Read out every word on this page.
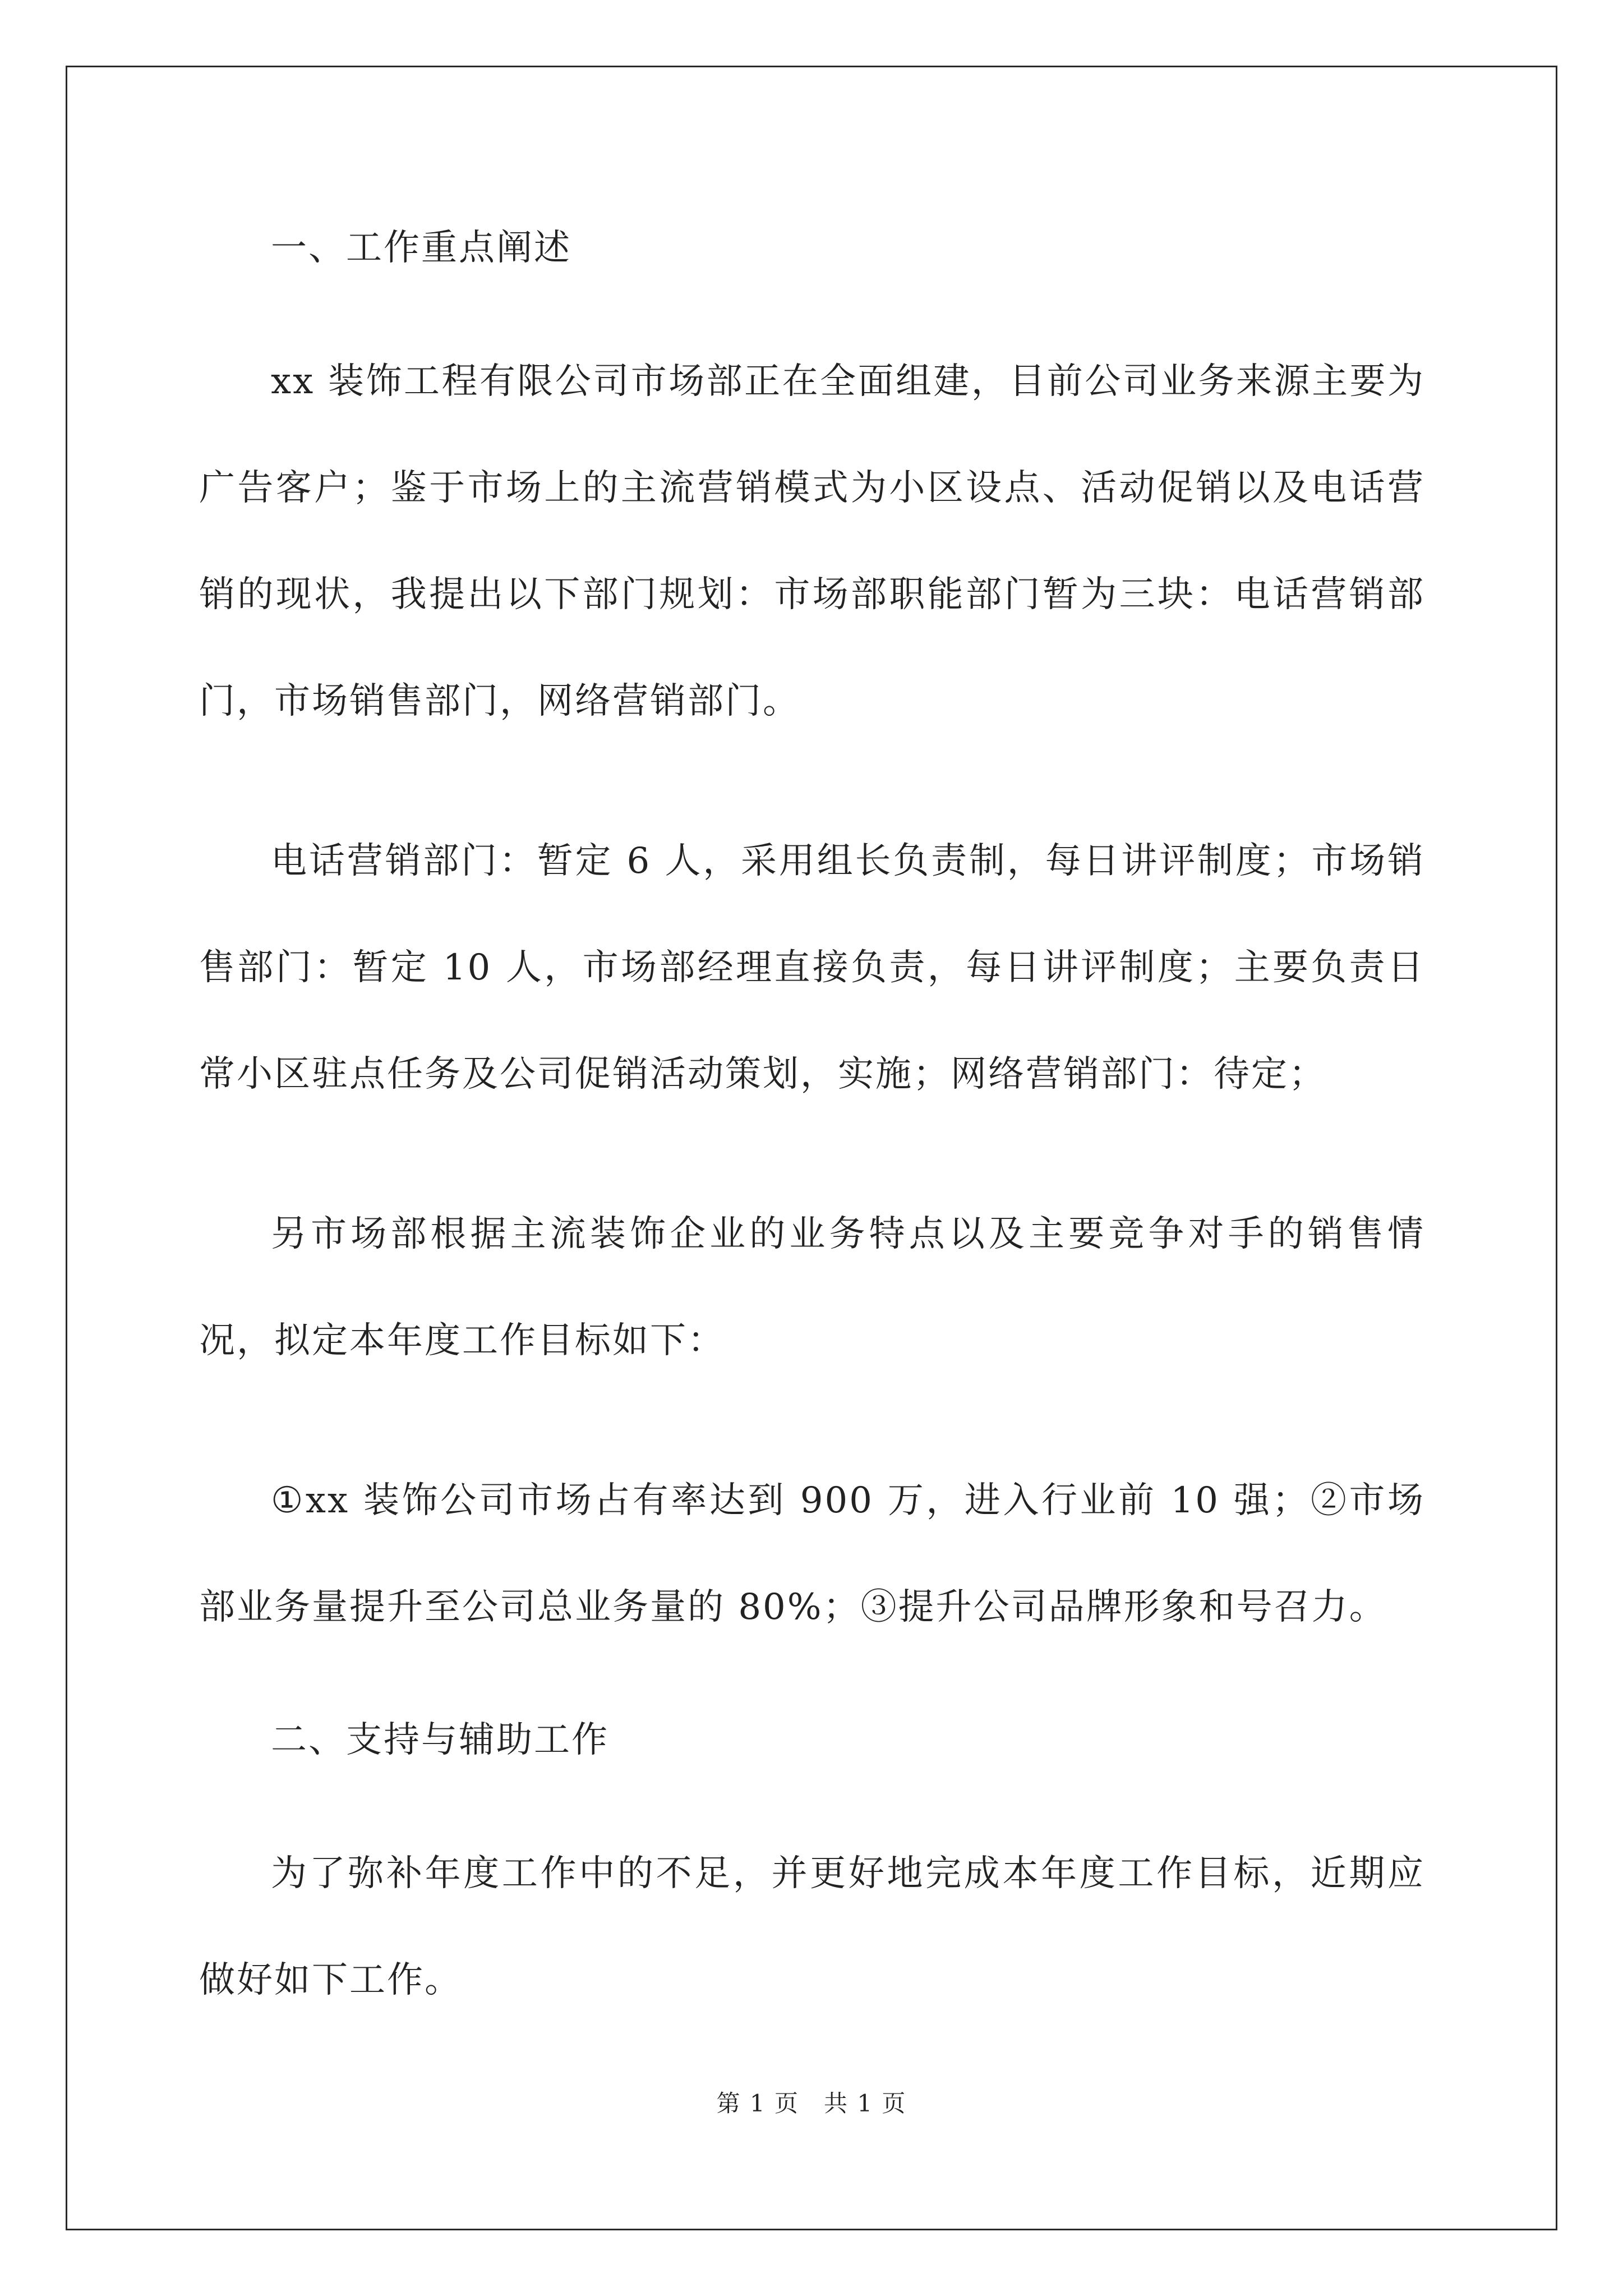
一、工作重点阐述

xx 装饰工程有限公司市场部正在全面组建，目前公司业务来源主要为广告客户；鉴于市场上的主流营销模式为小区设点、活动促销以及电话营销的现状，我提出以下部门规划：市场部职能部门暂为三块：电话营销部门，市场销售部门，网络营销部门。

电话营销部门：暂定 6 人，采用组长负责制，每日讲评制度；市场销售部门：暂定 10 人，市场部经理直接负责，每日讲评制度；主要负责日常小区驻点任务及公司促销活动策划，实施；网络营销部门：待定；

另市场部根据主流装饰企业的业务特点以及主要竞争对手的销售情况，拟定本年度工作目标如下：

①xx 装饰公司市场占有率达到 900 万，进入行业前 10 强；②市场部业务量提升至公司总业务量的 80%；③提升公司品牌形象和号召力。

二、支持与辅助工作

为了弥补年度工作中的不足，并更好地完成本年度工作目标，近期应做好如下工作。

第 1 页　共 1 页
